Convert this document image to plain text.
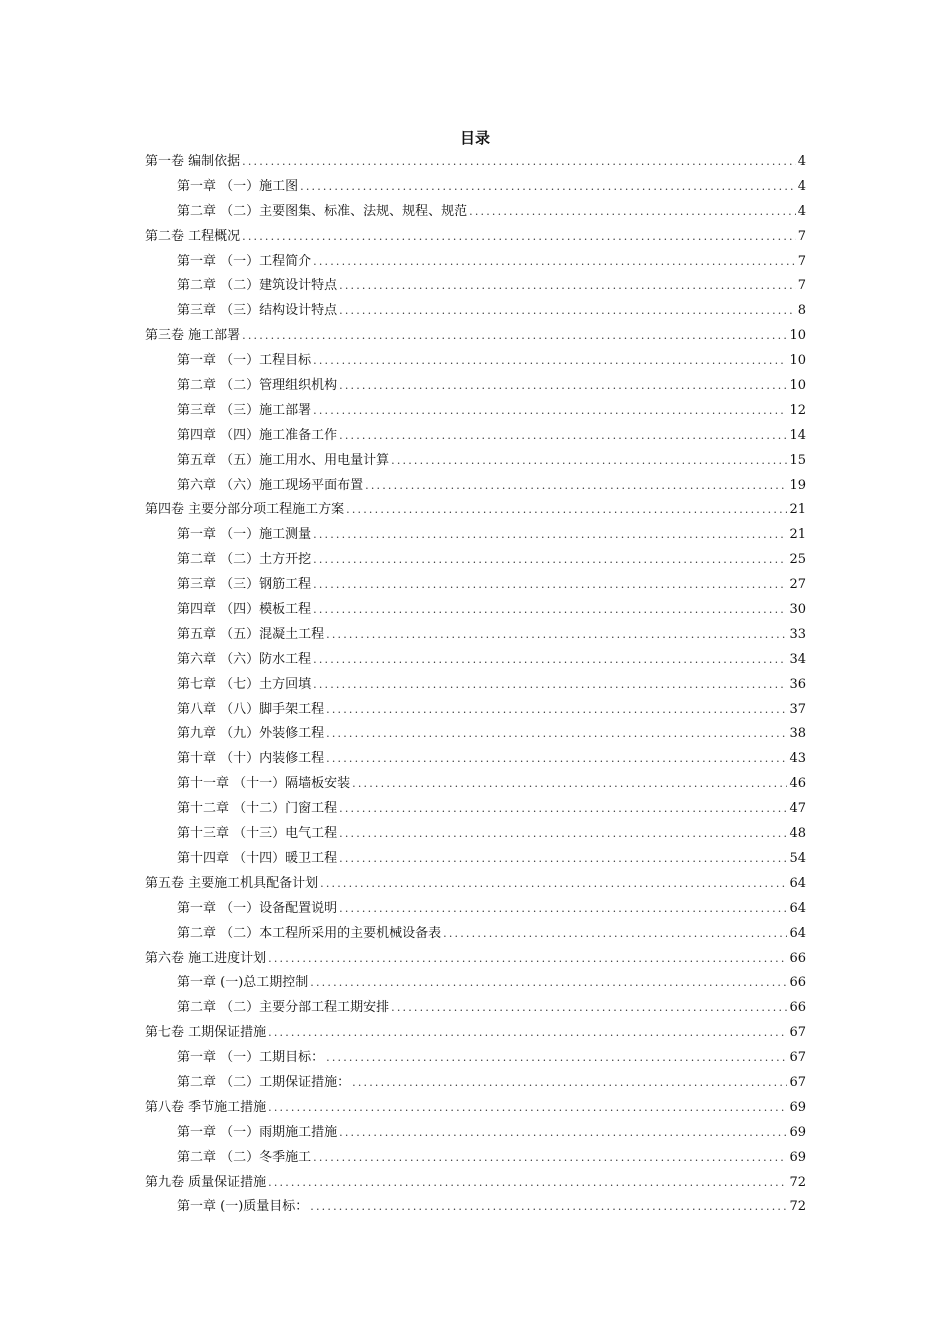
目录
第一卷 编制依据 .....	4
第一章 （一）施工图 .....	4
第二章 （二）主要图集、标准、法规、规程、规范 .....	4
第二卷 工程概况 .....	7
第一章 （一）工程简介 .....	7
第二章 （二）建筑设计特点 .....	7
第三章 （三）结构设计特点 .....	8
第三卷 施工部署 .....	10
第一章 （一）工程目标 .....	10
第二章 （二）管理组织机构 .....	10
第三章 （三）施工部署 .....	12
第四章 （四）施工准备工作 .....	14
第五章 （五）施工用水、用电量计算 .....	15
第六章 （六）施工现场平面布置 .....	19
第四卷 主要分部分项工程施工方案 .....	21
第一章 （一）施工测量 .....	21
第二章 （二）土方开挖 .....	25
第三章 （三）钢筋工程 .....	27
第四章 （四）模板工程 .....	30
第五章 （五）混凝土工程 .....	33
第六章 （六）防水工程 .....	34
第七章 （七）土方回填 .....	36
第八章 （八）脚手架工程 .....	37
第九章 （九）外装修工程 .....	38
第十章 （十）内装修工程 .....	43
第十一章 （十一）隔墙板安装 .....	46
第十二章 （十二）门窗工程 .....	47
第十三章 （十三）电气工程 .....	48
第十四章 （十四）暖卫工程 .....	54
第五卷 主要施工机具配备计划 .....	64
第一章 （一）设备配置说明 .....	64
第二章 （二）本工程所采用的主要机械设备表 .....	64
第六卷 施工进度计划 .....	66
第一章 (一)总工期控制 .....	66
第二章 （二）主要分部工程工期安排 .....	66
第七卷 工期保证措施 .....	67
第一章 （一）工期目标： .....	67
第二章 （二）工期保证措施： .....	67
第八卷 季节施工措施 .....	69
第一章 （一）雨期施工措施 .....	69
第二章 （二）冬季施工 .....	69
第九卷 质量保证措施 .....	72
第一章 (一)质量目标： .....	72
